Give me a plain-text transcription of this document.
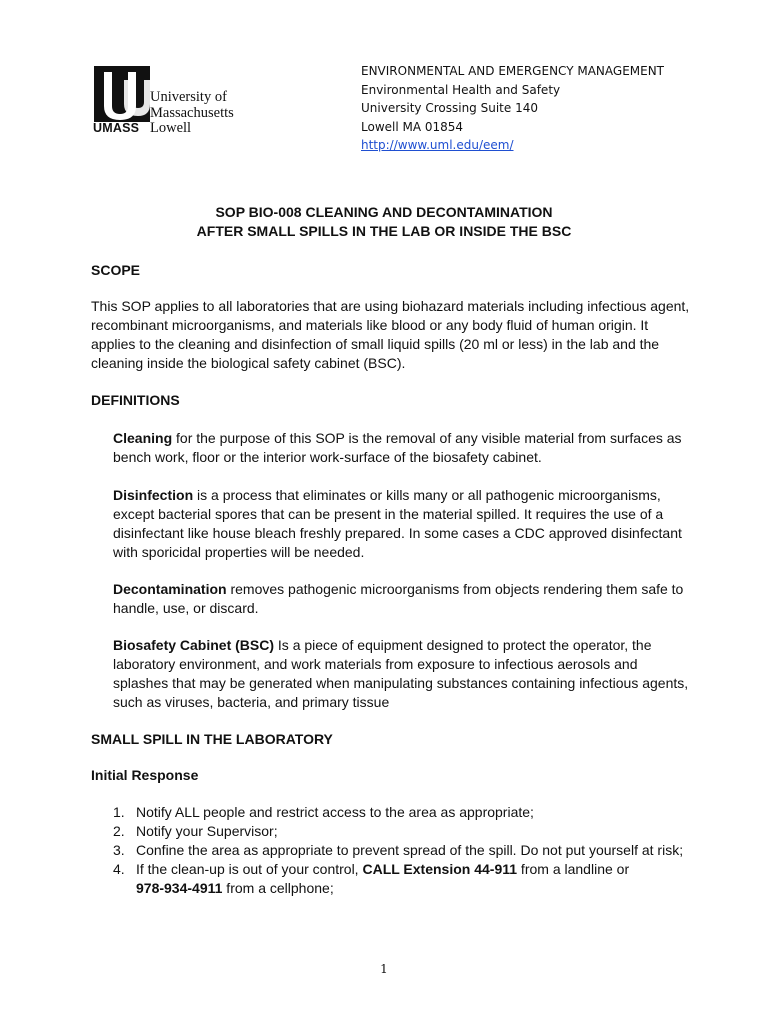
University of
Massachusetts
UMASS Lowell
ENVIRONMENTAL AND EMERGENCY MANAGEMENT
Environmental Health and Safety
University Crossing Suite 140
Lowell MA 01854
http://www.uml.edu/eem/
SOP BIO-008 CLEANING AND DECONTAMINATION
AFTER SMALL SPILLS IN THE LAB OR INSIDE THE BSC
SCOPE
This SOP applies to all laboratories that are using biohazard materials including infectious agent, recombinant microorganisms, and materials like blood or any body fluid of human origin. It applies to the cleaning and disinfection of small liquid spills (20 ml or less) in the lab and the cleaning inside the biological safety cabinet (BSC).
DEFINITIONS
Cleaning for the purpose of this SOP is the removal of any visible material from surfaces as bench work, floor or the interior work-surface of the biosafety cabinet.
Disinfection is a process that eliminates or kills many or all pathogenic microorganisms, except bacterial spores that can be present in the material spilled. It requires the use of a disinfectant like house bleach freshly prepared. In some cases a CDC approved disinfectant with sporicidal properties will be needed.
Decontamination removes pathogenic microorganisms from objects rendering them safe to handle, use, or discard.
Biosafety Cabinet (BSC) Is a piece of equipment designed to protect the operator, the laboratory environment, and work materials from exposure to infectious aerosols and splashes that may be generated when manipulating substances containing infectious agents, such as viruses, bacteria, and primary tissue
SMALL SPILL IN THE LABORATORY
Initial Response
1. Notify ALL people and restrict access to the area as appropriate;
2. Notify your Supervisor;
3. Confine the area as appropriate to prevent spread of the spill. Do not put yourself at risk;
4. If the clean-up is out of your control, CALL Extension 44-911 from a landline or
978-934-4911 from a cellphone;
1
